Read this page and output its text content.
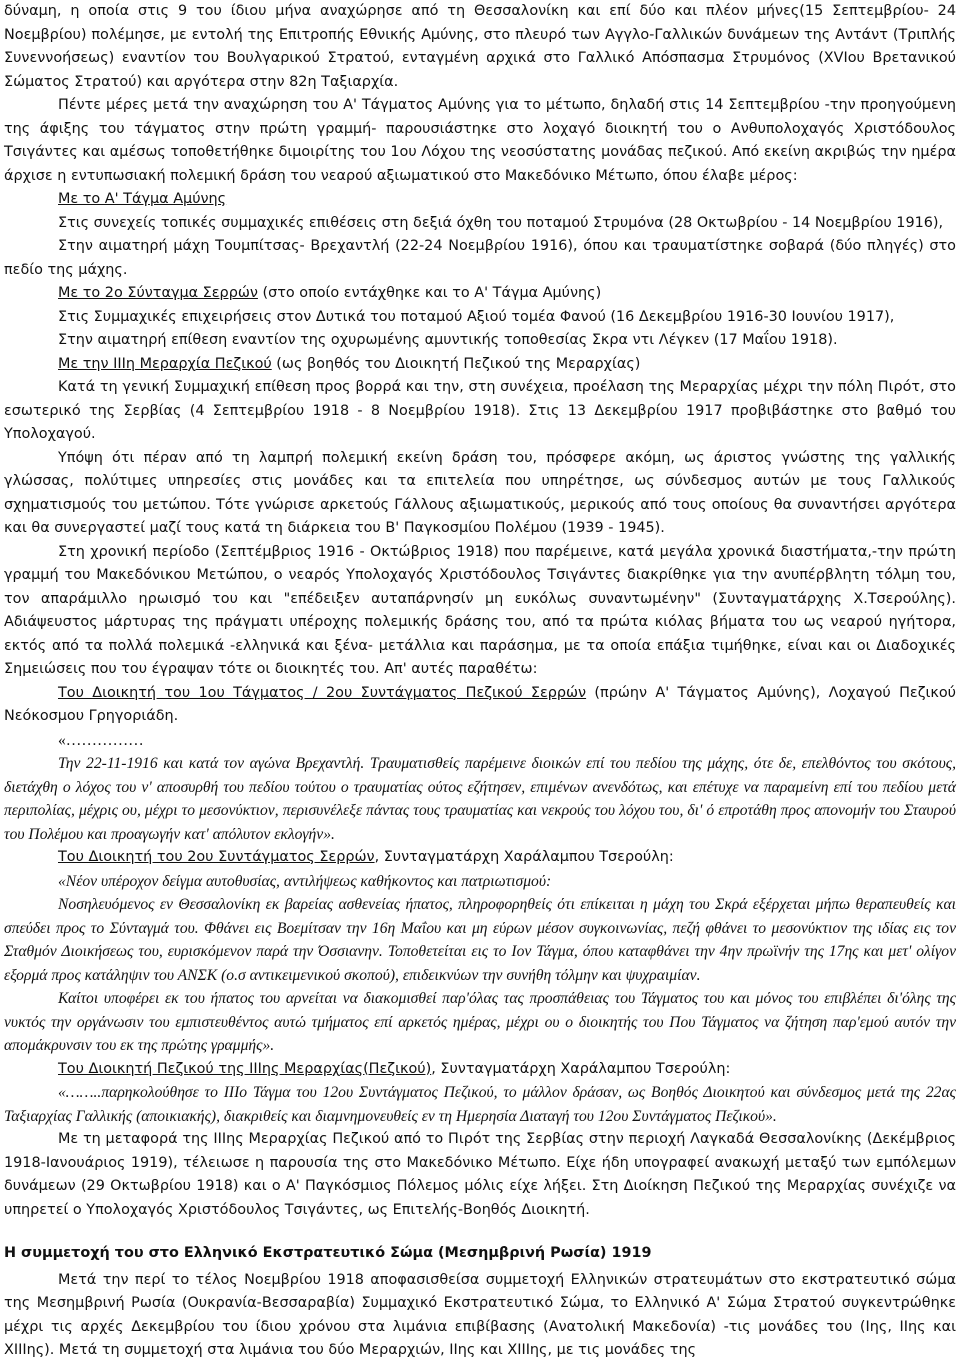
δύναμη, η οποία στις 9 του ίδιου μήνα αναχώρησε από τη Θεσσαλονίκη και επί δύο και πλέον μήνες(15 Σεπτεμβρίου- 24 Νοεμβρίου) πολέμησε, με εντολή της Επιτροπής Εθνικής Αμύνης, στο πλευρό των Αγγλο-Γαλλικών δυνάμεων της Αντάντ (Τριπλής Συνεννοήσεως) εναντίον του Βουλγαρικού Στρατού, ενταγμένη αρχικά στο Γαλλικό Απόσπασμα Στρυμόνος (XVIου Βρετανικού Σώματος Στρατού) και αργότερα στην 82η Ταξιαρχία.

Πέντε μέρες μετά την αναχώρηση του Α' Τάγματος Αμύνης για το μέτωπο, δηλαδή στις 14 Σεπτεμβρίου -την προηγούμενη της άφιξης του τάγματος στην πρώτη γραμμή- παρουσιάστηκε στο λοχαγό διοικητή του ο Ανθυπολοχαγός Χριστόδουλος Τσιγάντες και αμέσως τοποθετήθηκε διμοιρίτης του 1ου Λόχου της νεοσύστατης μονάδας πεζικού. Από εκείνη ακριβώς την ημέρα άρχισε η εντυπωσιακή πολεμική δράση του νεαρού αξιωματικού στο Μακεδόνικο Μέτωπο, όπου έλαβε μέρος:

Με το Α' Τάγμα Αμύνης

Στις συνεχείς τοπικές συμμαχικές επιθέσεις στη δεξιά όχθη του ποταμού Στρυμόνα (28 Οκτωβρίου - 14 Νοεμβρίου 1916),

Στην αιματηρή μάχη Τουμπίτσας- Βρεχαντλή (22-24 Νοεμβρίου 1916), όπου και τραυματίστηκε σοβαρά (δύο πληγές) στο πεδίο της μάχης.

Με το 2ο Σύνταγμα Σερρών (στο οποίο εντάχθηκε και το Α' Τάγμα Αμύνης)

Στις Συμμαχικές επιχειρήσεις στον Δυτικά του ποταμού Αξιού τομέα Φανού (16 Δεκεμβρίου 1916-30 Ιουνίου 1917),

Στην αιματηρή επίθεση εναντίον της οχυρωμένης αμυντικής τοποθεσίας Σκρα ντι Λέγκεν (17 Μαΐου 1918).

Με την ΙΙΙη Μεραρχία Πεζικού (ως βοηθός του Διοικητή Πεζικού της Μεραρχίας)

Κατά τη γενική Συμμαχική επίθεση προς βορρά και την, στη συνέχεια, προέλαση της Μεραρχίας μέχρι την πόλη Πιρότ, στο εσωτερικό της Σερβίας (4 Σεπτεμβρίου 1918 - 8 Νοεμβρίου 1918). Στις 13 Δεκεμβρίου 1917 προβιβάστηκε στο βαθμό του Υπολοχαγού.

Υπόψη ότι πέραν από τη λαμπρή πολεμική εκείνη δράση του, πρόσφερε ακόμη, ως άριστος γνώστης της γαλλικής γλώσσας, πολύτιμες υπηρεσίες στις μονάδες και τα επιτελεία που υπηρέτησε, ως σύνδεσμος αυτών με τους Γαλλικούς σχηματισμούς του μετώπου. Τότε γνώρισε αρκετούς Γάλλους αξιωματικούς, μερικούς από τους οποίους θα συναντήσει αργότερα και θα συνεργαστεί μαζί τους κατά τη διάρκεια του Β' Παγκοσμίου Πολέμου (1939 - 1945).

Στη χρονική περίοδο (Σεπτέμβριος 1916 - Οκτώβριος 1918) που παρέμεινε, κατά μεγάλα χρονικά διαστήματα,-την πρώτη γραμμή του Μακεδόνικου Μετώπου, ο νεαρός Υπολοχαγός Χριστόδουλος Τσιγάντες διακρίθηκε για την ανυπέρβλητη τόλμη του, τον απαράμιλλο ηρωισμό του και "επέδειξεν αυταπάρνησίν μη ευκόλως συναντωμένην" (Συνταγματάρχης Χ.Τσερούλης). Αδιάψευστος μάρτυρας της πράγματι υπέροχης πολεμικής δράσης του, από τα πρώτα κιόλας βήματα του ως νεαρού ηγήτορα, εκτός από τα πολλά πολεμικά -ελληνικά και ξένα- μετάλλια και παράσημα, με τα οποία επάξια τιμήθηκε, είναι και οι Διαδοχικές Σημειώσεις που του έγραψαν τότε οι διοικητές του. Απ' αυτές παραθέτω:

Του Διοικητή του 1ου Τάγματος / 2ου Συντάγματος Πεζικού Σερρών (πρώην Α' Τάγματος Αμύνης), Λοχαγού Πεζικού Νεόκοσμου Γρηγοριάδη.

«……………

Την 22-11-1916 και κατά τον αγώνα Βρεχαντλή. Τραυματισθείς παρέμεινε διοικών επί του πεδίου της μάχης, ότε δε, επελθόντος του σκότους, διετάχθη ο λόχος του ν' αποσυρθή του πεδίου τούτου ο τραυματίας ούτος εζήτησεν, επιμένων ανενδότως, και επέτυχε να παραμείνη επί του πεδίου μετά περιπολίας, μέχρις ου, μέχρι το μεσονύκτιον, περισυνέλεξε πάντας τους τραυματίας και νεκρούς του λόχου του, δι' ό επροτάθη προς απονομήν του Σταυρού του Πολέμου και προαγωγήν κατ' απόλυτον εκλογήν».

Του Διοικητή του 2ου Συντάγματος Σερρών, Συνταγματάρχη Χαράλαμπου Τσερούλη:

«Νέον υπέροχον δείγμα αυτοθυσίας, αντιλήψεως καθήκοντος και πατριωτισμού:

Νοσηλευόμενος εν Θεσσαλονίκη εκ βαρείας ασθενείας ήπατος, πληροφορηθείς ότι επίκειται η μάχη του Σκρά εξέρχεται μήπω θεραπευθείς και σπεύδει προς το Σύνταγμά του. Φθάνει εις Βοεμίτσαν την 16η Μαΐου και μη εύρων μέσον συγκοινωνίας, πεζή φθάνει το μεσονύκτιον της ιδίας εις τον Σταθμόν Διοικήσεως του, ευρισκόμενον παρά την Όσσιανην. Τοποθετείται εις το Ιον Τάγμα, όπου καταφθάνει την 4ην πρωϊνήν της 17ης και μετ' ολίγον εξορμά προς κατάληψιν του ΑΝΣΚ (ο.σ αντικειμενικού σκοπού), επιδεικνύων την συνήθη τόλμην και ψυχραιμίαν.

Καίτοι υποφέρει εκ του ήπατος του αρνείται να διακομισθεί παρ'όλας τας προσπάθειας του Τάγματος του και μόνος του επιβλέπει δι'όλης της νυκτός την οργάνωσιν του εμπιστευθέντος αυτώ τμήματος επί αρκετός ημέρας, μέχρι ου ο διοικητής του Που Τάγματος να ζήτηση παρ'εμού αυτόν την απομάκρυνσιν του εκ της πρώτης γραμμής».

Του Διοικητή Πεζικού της ΙΙΙης Μεραρχίας(Πεζικού), Συνταγματάρχη Χαράλαμπου Τσερούλη:

«……..παρηκολούθησε το ΙΙΙο Τάγμα του 12ου Συντάγματος Πεζικού, το μάλλον δράσαν, ως Βοηθός Διοικητού και σύνδεσμος μετά της 22ας Ταξιαρχίας Γαλλικής (αποικιακής), διακριθείς και διαμνημονευθείς εν τη Ημερησία Διαταγή του 12ου Συντάγματος Πεζικού».

Με τη μεταφορά της ΙΙΙης Μεραρχίας Πεζικού από το Πιρότ της Σερβίας στην περιοχή Λαγκαδά Θεσσαλονίκης (Δεκέμβριος 1918-Ιανουάριος 1919), τέλειωσε η παρουσία της στο Μακεδόνικο Μέτωπο. Είχε ήδη υπογραφεί ανακωχή μεταξύ των εμπόλεμων δυνάμεων (29 Οκτωβρίου 1918) και ο Α' Παγκόσμιος Πόλεμος μόλις είχε λήξει. Στη Διοίκηση Πεζικού της Μεραρχίας συνέχιζε να υπηρετεί ο Υπολοχαγός Χριστόδουλος Τσιγάντες, ως Επιτελής-Βοηθός Διοικητή.

Η συμμετοχή του στο Ελληνικό Εκστρατευτικό Σώμα (Μεσημβρινή Ρωσία) 1919

Μετά την περί το τέλος Νοεμβρίου 1918 αποφασισθείσα συμμετοχή Ελληνικών στρατευμάτων στο εκστρατευτικό σώμα της Μεσημβρινή Ρωσία (Ουκρανία-Βεσσαραβία) Συμμαχικό Εκστρατευτικό Σώμα, το Ελληνικό Α' Σώμα Στρατού συγκεντρώθηκε μέχρι τις αρχές Δεκεμβρίου του ίδιου χρόνου στα λιμάνια επιβίβασης (Ανατολική Μακεδονία) -τις μονάδες του (Ιης, ΙΙης και ΧΙΙΙης). Μετά τη συμμετοχή στα λιμάνια του δύο Μεραρχιών, ΙΙης και ΧΙΙΙης, με τις μονάδες της
